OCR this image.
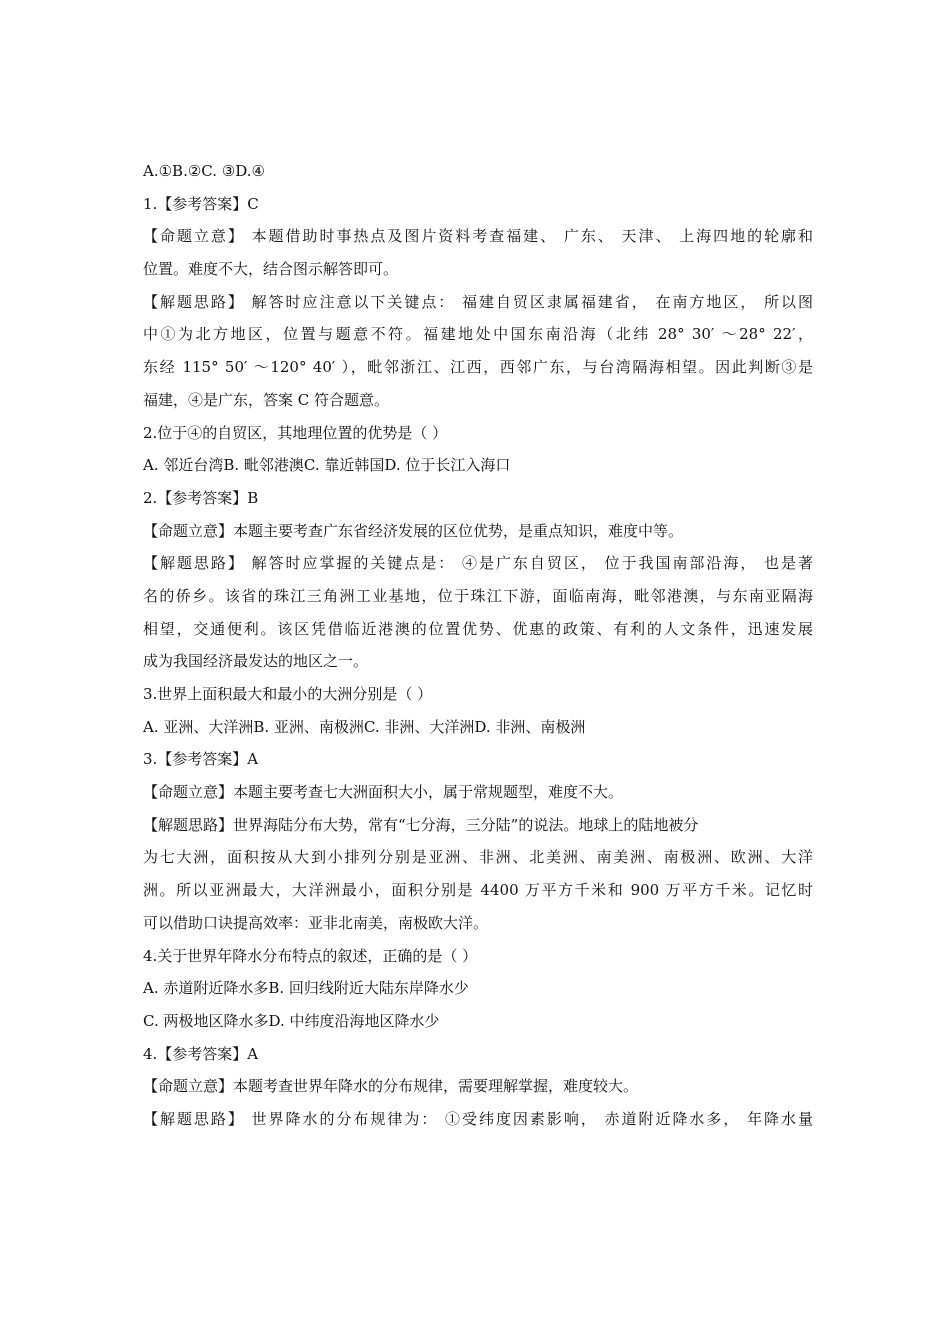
A.①B.②C. ③D.④
1.【参考答案】C
【命题立意】 本题借助时事热点及图片资料考查福建、 广东、 天津、 上海四地的轮廓和
位置。难度不大，结合图示解答即可。
【解题思路】 解答时应注意以下关键点： 福建自贸区隶属福建省， 在南方地区， 所以图
中①为北方地区，位置与题意不符。福建地处中国东南沿海（北纬 28° 30′ ～28° 22′，
东经 115° 50′ ～120° 40′ ），毗邻浙江、江西，西邻广东，与台湾隔海相望。因此判断③是
福建，④是广东，答案 C 符合题意。
2.位于④的自贸区，其地理位置的优势是（ ）
A. 邻近台湾B. 毗邻港澳C. 靠近韩国D. 位于长江入海口
2.【参考答案】B
【命题立意】本题主要考查广东省经济发展的区位优势，是重点知识，难度中等。
【解题思路】 解答时应掌握的关键点是： ④是广东自贸区， 位于我国南部沿海， 也是著
名的侨乡。该省的珠江三角洲工业基地，位于珠江下游，面临南海，毗邻港澳，与东南亚隔海
相望，交通便利。该区凭借临近港澳的位置优势、优惠的政策、有利的人文条件，迅速发展
成为我国经济最发达的地区之一。
3.世界上面积最大和最小的大洲分别是（ ）
A. 亚洲、大洋洲B. 亚洲、南极洲C. 非洲、大洋洲D. 非洲、南极洲
3.【参考答案】A
【命题立意】本题主要考查七大洲面积大小，属于常规题型，难度不大。
【解题思路】世界海陆分布大势，常有“七分海，三分陆”的说法。地球上的陆地被分
为七大洲，面积按从大到小排列分别是亚洲、非洲、北美洲、南美洲、南极洲、欧洲、大洋
洲。所以亚洲最大，大洋洲最小，面积分别是 4400 万平方千米和 900 万平方千米。记忆时
可以借助口诀提高效率：亚非北南美，南极欧大洋。
4.关于世界年降水分布特点的叙述，正确的是（ ）
A. 赤道附近降水多B. 回归线附近大陆东岸降水少
C. 两极地区降水多D. 中纬度沿海地区降水少
4.【参考答案】A
【命题立意】本题考查世界年降水的分布规律，需要理解掌握，难度较大。
【解题思路】 世界降水的分布规律为： ①受纬度因素影响， 赤道附近降水多， 年降水量
